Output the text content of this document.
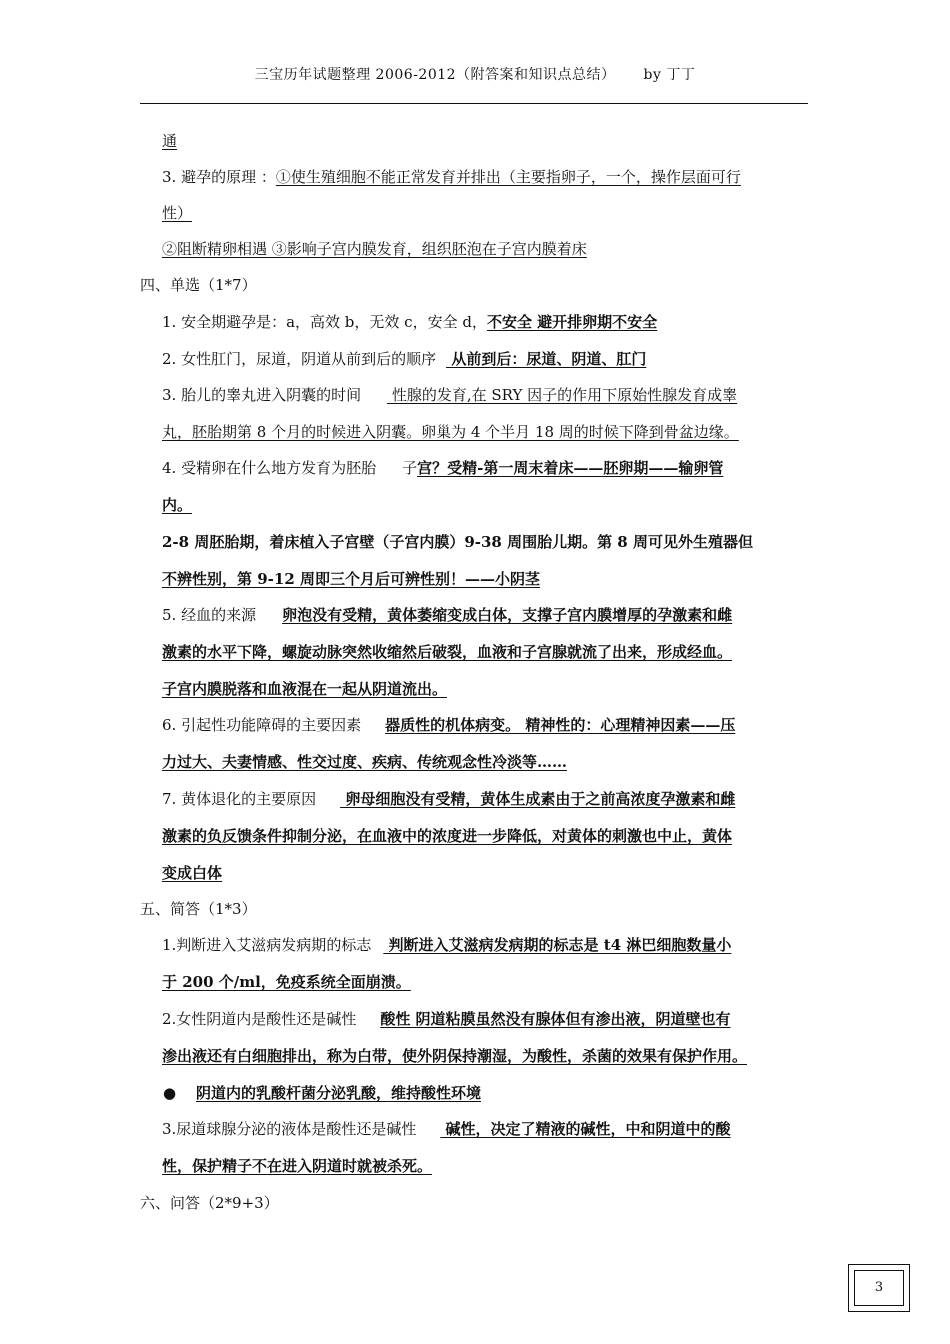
三宝历年试题整理 2006-2012（附答案和知识点总结） by 丁丁
通
3. 避孕的原理 ：①使生殖细胞不能正常发育并排出（主要指卵子，一个，操作层面可行
性）
②阻断精卵相遇 ③影响子宫内膜发育，组织胚泡在子宫内膜着床
四、单选（1*7）
1. 安全期避孕是：a，高效 b，无效 c，安全 d，不安全 避开排卵期不安全
2. 女性肛门，尿道，阴道从前到后的顺序 从前到后：尿道、阴道、肛门
3. 胎儿的睾丸进入阴囊的时间 性腺的发育,在 SRY 因子的作用下原始性腺发育成睾
丸，胚胎期第 8 个月的时候进入阴囊。卵巢为 4 个半月 18 周的时候下降到骨盆边缘。
4. 受精卵在什么地方发育为胚胎 子宫？受精-第一周末着床——胚卵期——输卵管
内。
2-8 周胚胎期，着床植入子宫壁（子宫内膜）9-38 周围胎儿期。第 8 周可见外生殖器但
不辨性别，第 9-12 周即三个月后可辨性别！——小阴茎
5. 经血的来源 卵泡没有受精，黄体萎缩变成白体，支撑子宫内膜增厚的孕激素和雌
激素的水平下降，螺旋动脉突然收缩然后破裂，血液和子宫腺就流了出来，形成经血。
子宫内膜脱落和血液混在一起从阴道流出。
6. 引起性功能障碍的主要因素 器质性的机体病变。 精神性的：心理精神因素——压
力过大、夫妻情感、性交过度、疾病、传统观念性冷淡等……
7. 黄体退化的主要原因 卵母细胞没有受精，黄体生成素由于之前高浓度孕激素和雌
激素的负反馈条件抑制分泌，在血液中的浓度进一步降低，对黄体的刺激也中止，黄体
变成白体
五、简答（1*3）
1.判断进入艾滋病发病期的标志 判断进入艾滋病发病期的标志是 t4 淋巴细胞数量小
于 200 个/ml，免疫系统全面崩溃。
2.女性阴道内是酸性还是碱性 酸性 阴道粘膜虽然没有腺体但有渗出液，阴道壁也有
渗出液还有白细胞排出，称为白带，使外阴保持潮湿，为酸性，杀菌的效果有保护作用。
● 阴道内的乳酸杆菌分泌乳酸，维持酸性环境
3.尿道球腺分泌的液体是酸性还是碱性 碱性，决定了精液的碱性，中和阴道中的酸
性，保护精子不在进入阴道时就被杀死。
六、问答（2*9+3）
3
